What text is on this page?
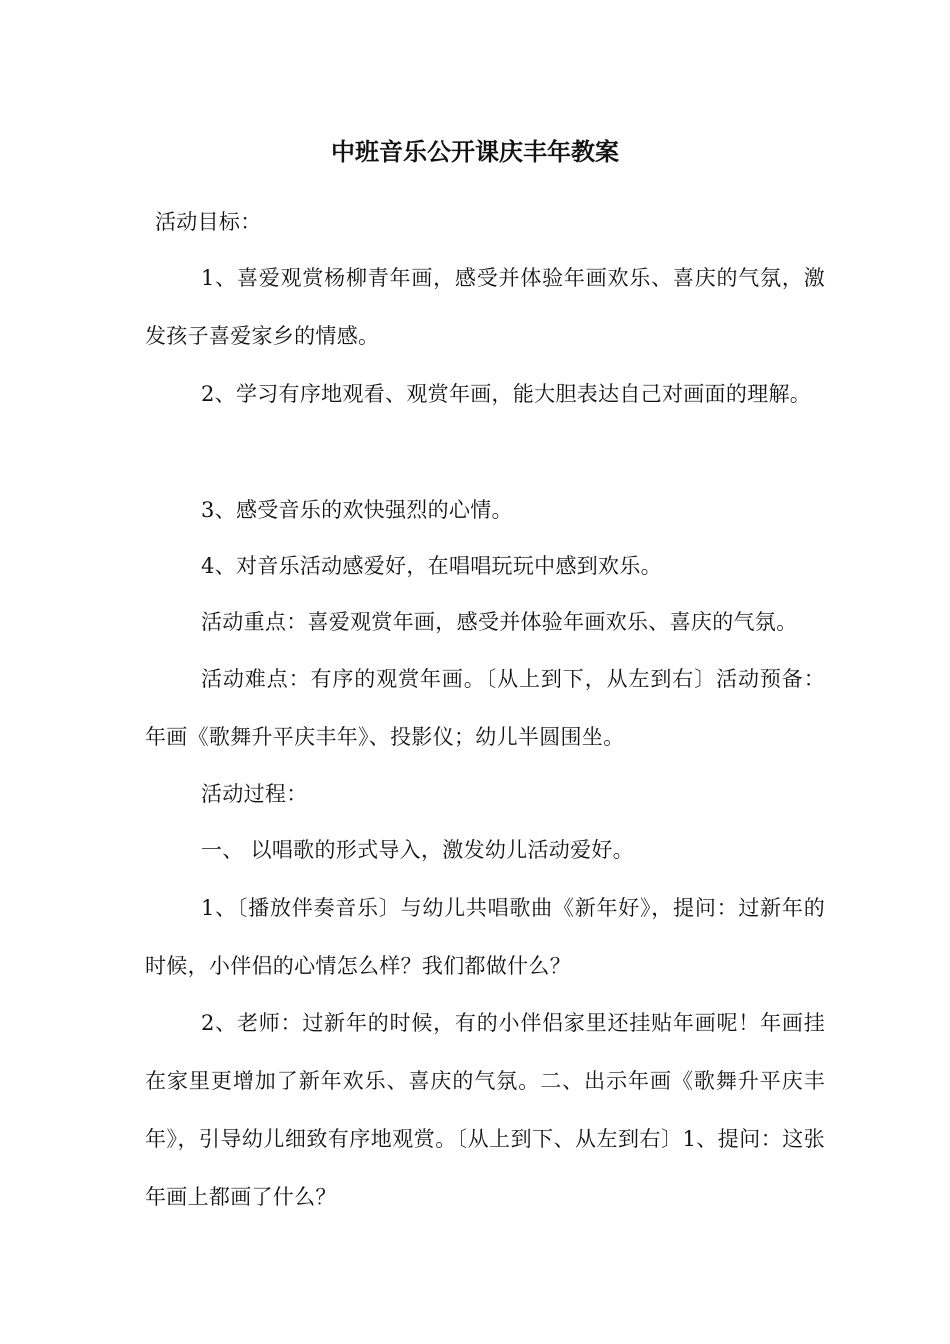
中班音乐公开课庆丰年教案

活动目标：

1、喜爱观赏杨柳青年画，感受并体验年画欢乐、喜庆的气氛，激发孩子喜爱家乡的情感。

2、学习有序地观看、观赏年画，能大胆表达自己对画面的理解。

3、感受音乐的欢快强烈的心情。

4、对音乐活动感爱好，在唱唱玩玩中感到欢乐。

活动重点：喜爱观赏年画，感受并体验年画欢乐、喜庆的气氛。

活动难点：有序的观赏年画。〔从上到下，从左到右〕活动预备：年画《歌舞升平庆丰年》、投影仪；幼儿半圆围坐。

活动过程：

一、 以唱歌的形式导入，激发幼儿活动爱好。

1、〔播放伴奏音乐〕与幼儿共唱歌曲《新年好》，提问：过新年的时候，小伴侣的心情怎么样？我们都做什么？

2、老师：过新年的时候，有的小伴侣家里还挂贴年画呢！年画挂在家里更增加了新年欢乐、喜庆的气氛。二、出示年画《歌舞升平庆丰年》，引导幼儿细致有序地观赏。〔从上到下、从左到右〕1、提问：这张年画上都画了什么？
